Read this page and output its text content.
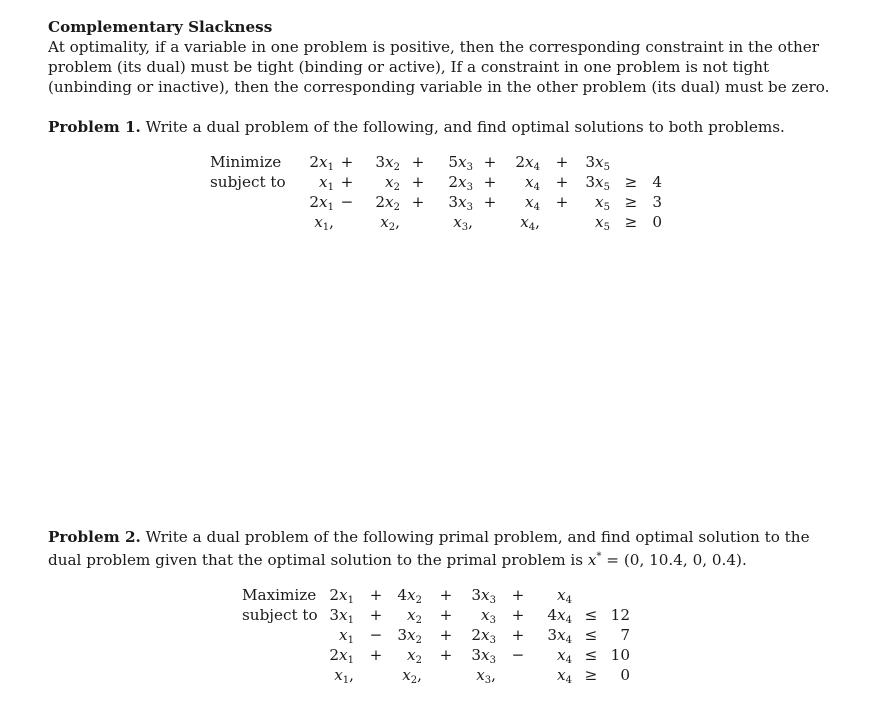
Complementary Slackness
At optimality, if a variable in one problem is positive, then the corresponding constraint in the other problem (its dual) must be tight (binding or active), If a constraint in one problem is not tight (unbinding or inactive), then the corresponding variable in the other problem (its dual) must be zero.
Problem 1. Write a dual problem of the following, and find optimal solutions to both problems.
Minimize
subject to
$2x_1 + 3x_2 + 5x_3 + 2x_4 + 3x_5$
$x_1 + x_2 + 2x_3 + x_4 + 3x_5 \ge 4$
$2x_1 - 2x_2 + 3x_3 + x_4 + x_5 \ge 3$
$x_1$,	$x_2$,	$x_3$,	$x_4$,	$x_5 \ge 0$
Problem 2. Write a dual problem of the following primal problem, and find optimal solution to the dual problem given that the optimal solution to the primal problem is x* = (0, 10.4, 0, 0.4).
Maximize
subject to
$2x_1 + 4x_2 + 3x_3 + x_4$
$3x_1 + x_2 + x_3 + 4x_4 \le 12$
$x_1 - 3x_2 + 2x_3 + 3x_4 \le 7$
$2x_1 + x_2 + 3x_3 - x_4 \le 10$
$x_1$,	$x_2$,	$x_3$,	$x_4 \ge 0$
